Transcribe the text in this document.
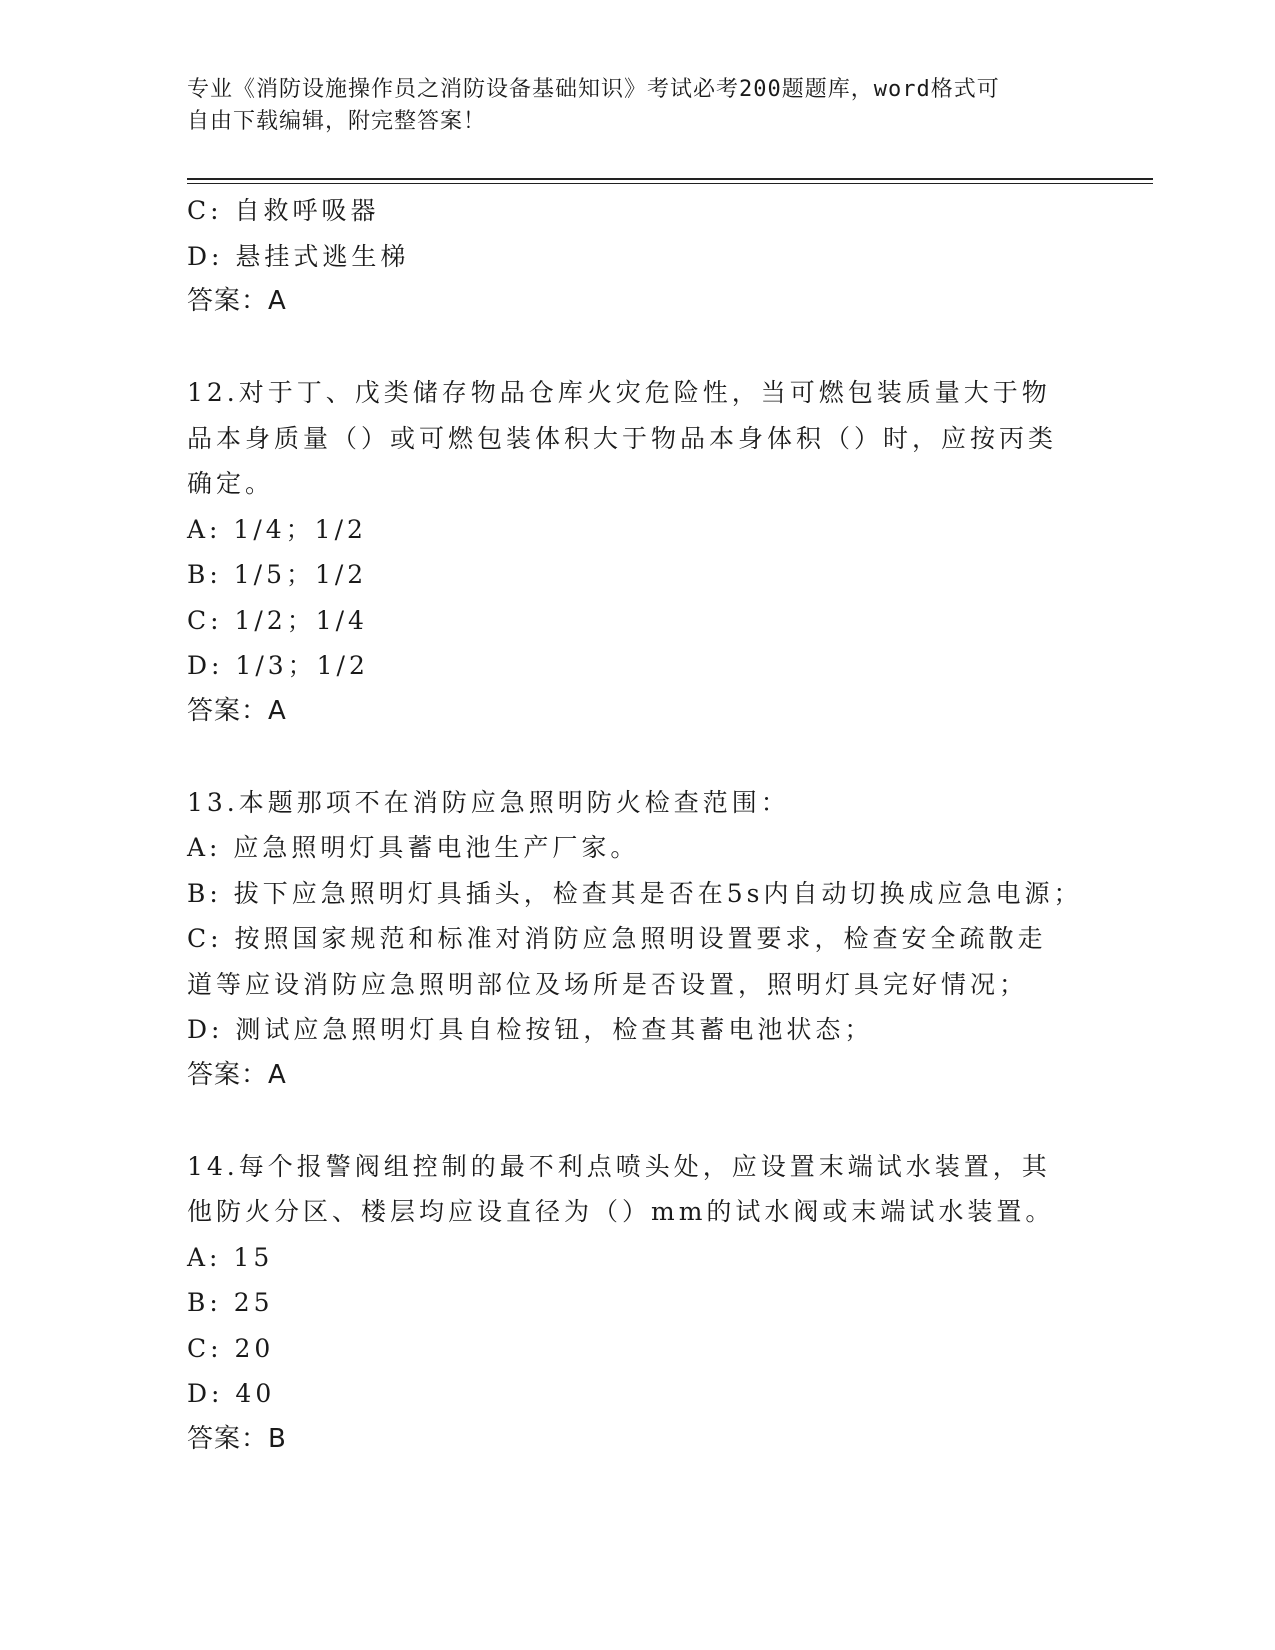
专业《消防设施操作员之消防设备基础知识》考试必考200题题库，word格式可
自由下载编辑，附完整答案！
C: 自救呼吸器
D: 悬挂式逃生梯
答案：A
12.对于丁、戊类储存物品仓库火灾危险性，当可燃包装质量大于物品本身质量（）或可燃包装体积大于物品本身体积（）时，应按丙类确定。
A: 1/4；1/2
B: 1/5；1/2
C: 1/2；1/4
D: 1/3；1/2
答案：A
13.本题那项不在消防应急照明防火检查范围：
A: 应急照明灯具蓄电池生产厂家。
B: 拔下应急照明灯具插头，检查其是否在5s内自动切换成应急电源；
C: 按照国家规范和标准对消防应急照明设置要求，检查安全疏散走道等应设消防应急照明部位及场所是否设置，照明灯具完好情况；
D: 测试应急照明灯具自检按钮，检查其蓄电池状态；
答案：A
14.每个报警阀组控制的最不利点喷头处，应设置末端试水装置，其他防火分区、楼层均应设直径为（）mm的试水阀或末端试水装置。
A: 15
B: 25
C: 20
D: 40
答案：B
